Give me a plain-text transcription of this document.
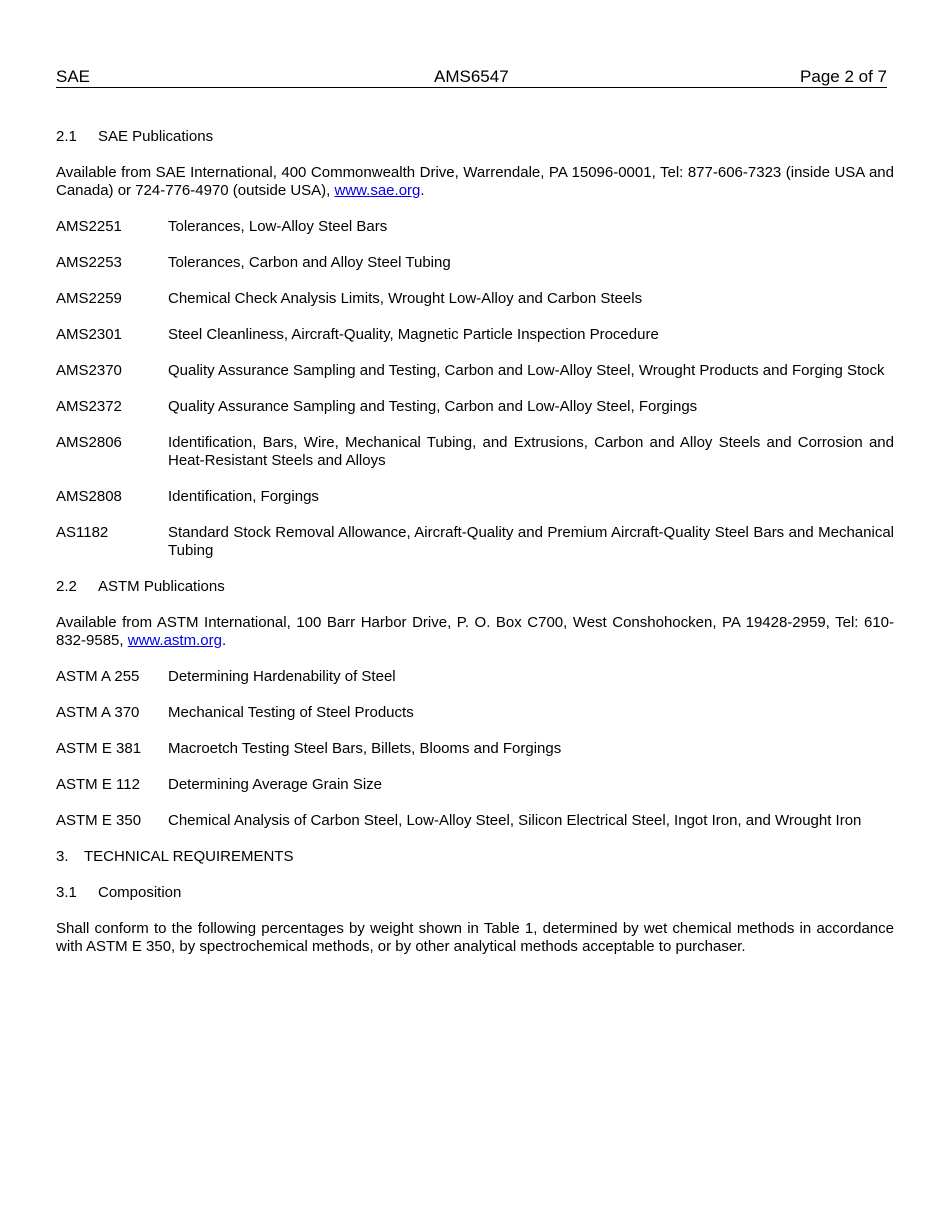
SAE	AMS6547	Page 2 of 7

2.1 SAE Publications

Available from SAE International, 400 Commonwealth Drive, Warrendale, PA 15096-0001, Tel: 877-606-7323 (inside USA and Canada) or 724-776-4970 (outside USA), www.sae.org.

AMS2251	Tolerances, Low-Alloy Steel Bars
AMS2253	Tolerances, Carbon and Alloy Steel Tubing
AMS2259	Chemical Check Analysis Limits, Wrought Low-Alloy and Carbon Steels
AMS2301	Steel Cleanliness, Aircraft-Quality, Magnetic Particle Inspection Procedure
AMS2370	Quality Assurance Sampling and Testing, Carbon and Low-Alloy Steel, Wrought Products and Forging Stock
AMS2372	Quality Assurance Sampling and Testing, Carbon and Low-Alloy Steel, Forgings
AMS2806	Identification, Bars, Wire, Mechanical Tubing, and Extrusions, Carbon and Alloy Steels and Corrosion and Heat-Resistant Steels and Alloys
AMS2808	Identification, Forgings
AS1182	Standard Stock Removal Allowance, Aircraft-Quality and Premium Aircraft-Quality Steel Bars and Mechanical Tubing

2.2 ASTM Publications

Available from ASTM International, 100 Barr Harbor Drive, P. O. Box C700, West Conshohocken, PA 19428-2959, Tel: 610-832-9585, www.astm.org.

ASTM A 255	Determining Hardenability of Steel
ASTM A 370	Mechanical Testing of Steel Products
ASTM E 381	Macroetch Testing Steel Bars, Billets, Blooms and Forgings
ASTM E 112	Determining Average Grain Size
ASTM E 350	Chemical Analysis of Carbon Steel, Low-Alloy Steel, Silicon Electrical Steel, Ingot Iron, and Wrought Iron

3. TECHNICAL REQUIREMENTS

3.1 Composition

Shall conform to the following percentages by weight shown in Table 1, determined by wet chemical methods in accordance with ASTM E 350, by spectrochemical methods, or by other analytical methods acceptable to purchaser.
